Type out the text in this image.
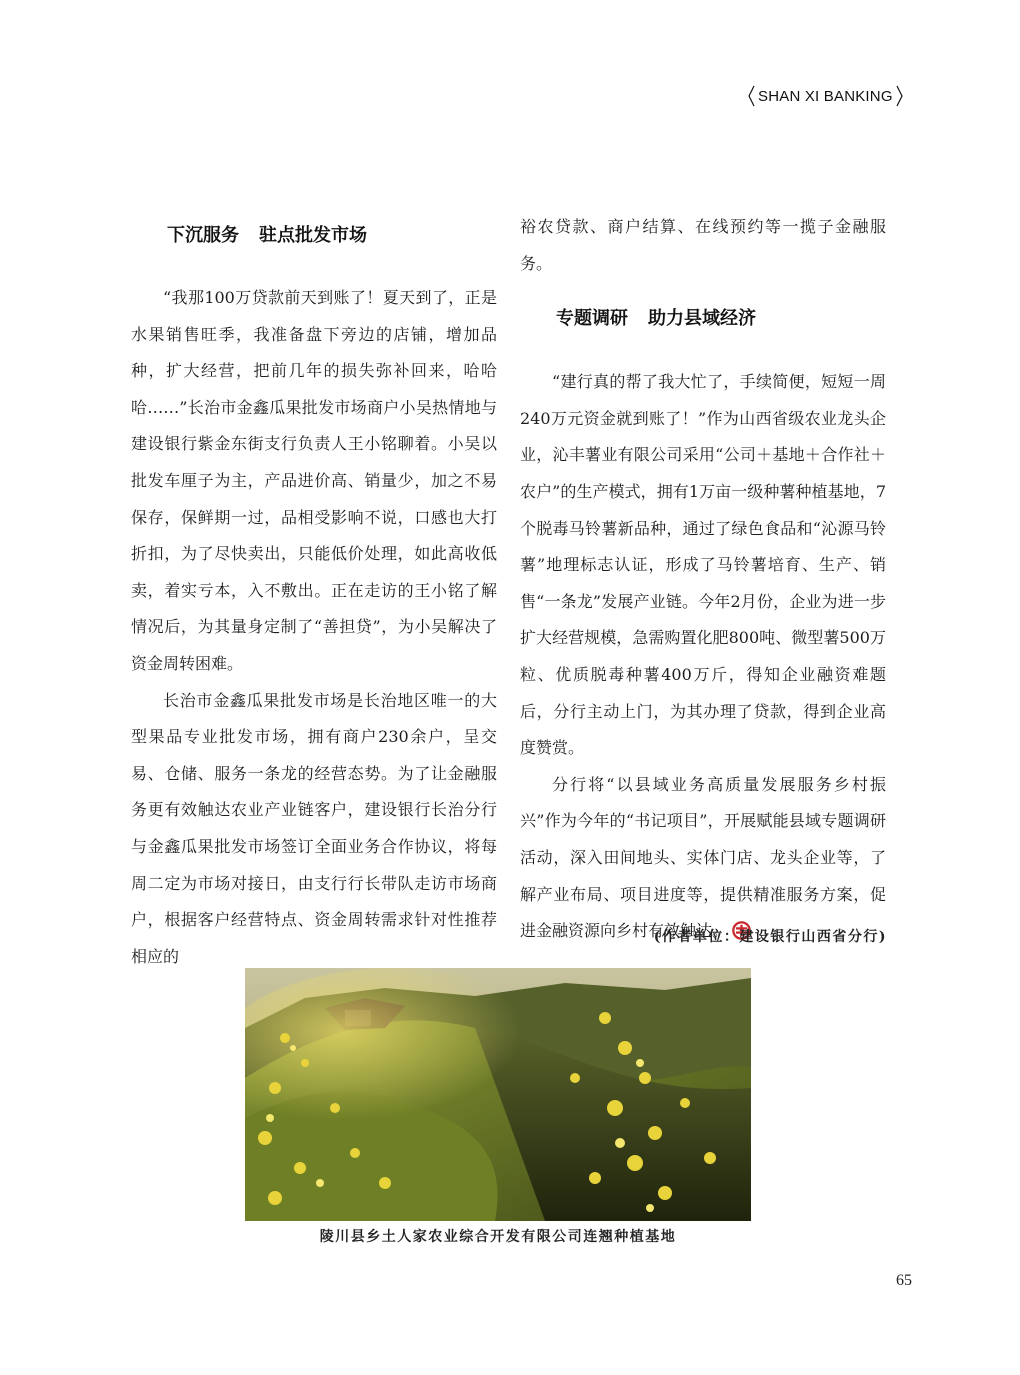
SHAN XI BANKING
下沉服务 驻点批发市场

“我那100万贷款前天到账了！夏天到了，正是水果销售旺季，我准备盘下旁边的店铺，增加品种，扩大经营，把前几年的损失弥补回来，哈哈哈……”长治市金鑫瓜果批发市场商户小吴热情地与建设银行紫金东街支行负责人王小铭聊着。小吴以批发车厘子为主，产品进价高、销量少，加之不易保存，保鲜期一过，品相受影响不说，口感也大打折扣，为了尽快卖出，只能低价处理，如此高收低卖，着实亏本，入不敷出。正在走访的王小铭了解情况后，为其量身定制了“善担贷”，为小吴解决了资金周转困难。

长治市金鑫瓜果批发市场是长治地区唯一的大型果品专业批发市场，拥有商户230余户，呈交易、仓储、服务一条龙的经营态势。为了让金融服务更有效触达农业产业链客户，建设银行长治分行与金鑫瓜果批发市场签订全面业务合作协议，将每周二定为市场对接日，由支行行长带队走访市场商户，根据客户经营特点、资金周转需求针对性推荐相应的

裕农贷款、商户结算、在线预约等一揽子金融服务。

专题调研 助力县域经济

“建行真的帮了我大忙了，手续简便，短短一周240万元资金就到账了！”作为山西省级农业龙头企业，沁丰薯业有限公司采用“公司＋基地＋合作社＋农户”的生产模式，拥有1万亩一级种薯种植基地，7个脱毒马铃薯新品种，通过了绿色食品和“沁源马铃薯”地理标志认证，形成了马铃薯培育、生产、销售“一条龙”发展产业链。今年2月份，企业为进一步扩大经营规模，急需购置化肥800吨、微型薯500万粒、优质脱毒种薯400万斤，得知企业融资难题后，分行主动上门，为其办理了贷款，得到企业高度赞赏。

分行将“以县域业务高质量发展服务乡村振兴”作为今年的“书记项目”，开展赋能县域专题调研活动，深入田间地头、实体门店、龙头企业等，了解产业布局、项目进度等，提供精准服务方案，促进金融资源向乡村有效触达。

(作者单位：建设银行山西省分行)
陵川县乡土人家农业综合开发有限公司连翘种植基地
65
